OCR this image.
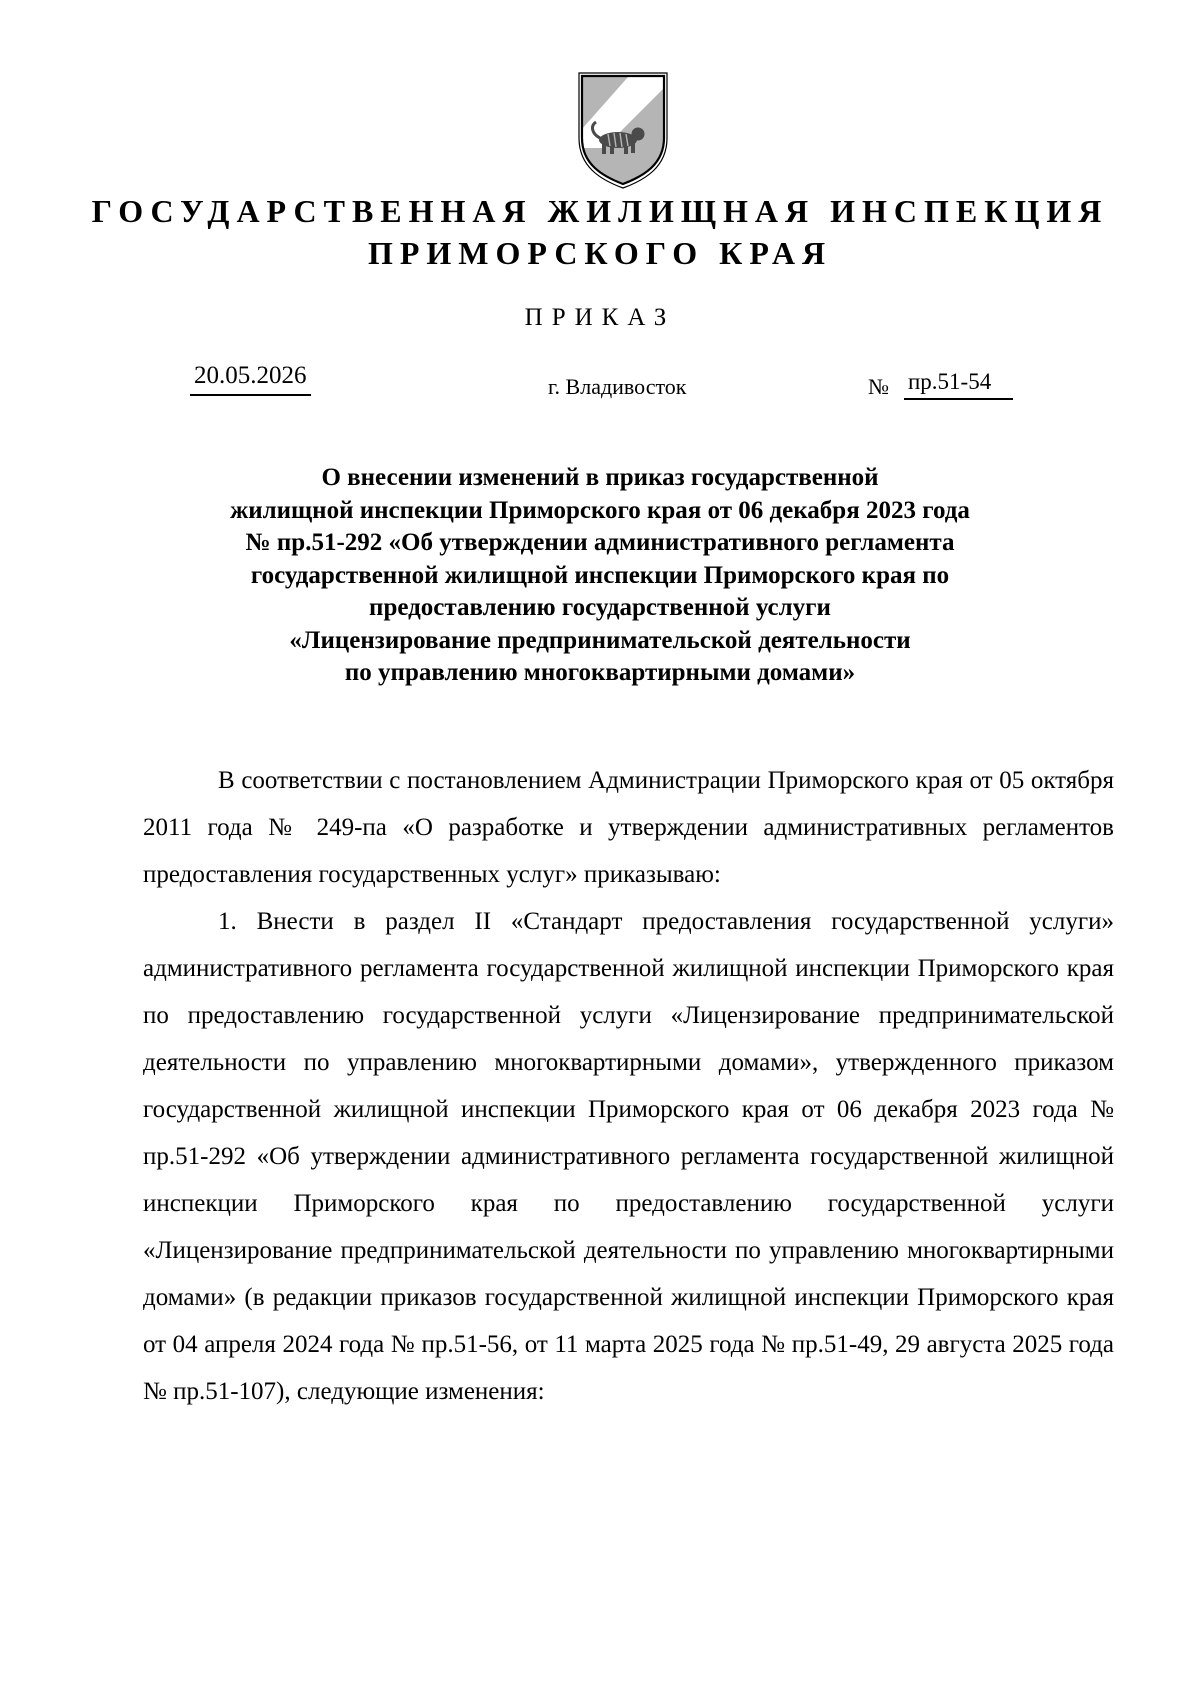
ГОСУДАРСТВЕННАЯ ЖИЛИЩНАЯ ИНСПЕКЦИЯ
ПРИМОРСКОГО КРАЯ
ПРИКАЗ
20.05.2026	г. Владивосток	№ пр.51-54
О внесении изменений в приказ государственной
жилищной инспекции Приморского края от 06 декабря 2023 года
№ пр.51-292 «Об утверждении административного регламента
государственной жилищной инспекции Приморского края по
предоставлению государственной услуги
«Лицензирование предпринимательской деятельности
по управлению многоквартирными домами»

В соответствии с постановлением Администрации Приморского края от 05 октября 2011 года № 249-па «О разработке и утверждении административных регламентов предоставления государственных услуг» приказываю:

1. Внести в раздел II «Стандарт предоставления государственной услуги» административного регламента государственной жилищной инспекции Приморского края по предоставлению государственной услуги «Лицензирование предпринимательской деятельности по управлению многоквартирными домами», утвержденного приказом государственной жилищной инспекции Приморского края от 06 декабря 2023 года № пр.51-292 «Об утверждении административного регламента государственной жилищной инспекции Приморского края по предоставлению государственной услуги «Лицензирование предпринимательской деятельности по управлению многоквартирными домами» (в редакции приказов государственной жилищной инспекции Приморского края от 04 апреля 2024 года № пр.51-56, от 11 марта 2025 года № пр.51-49, 29 августа 2025 года № пр.51-107), следующие изменения:
